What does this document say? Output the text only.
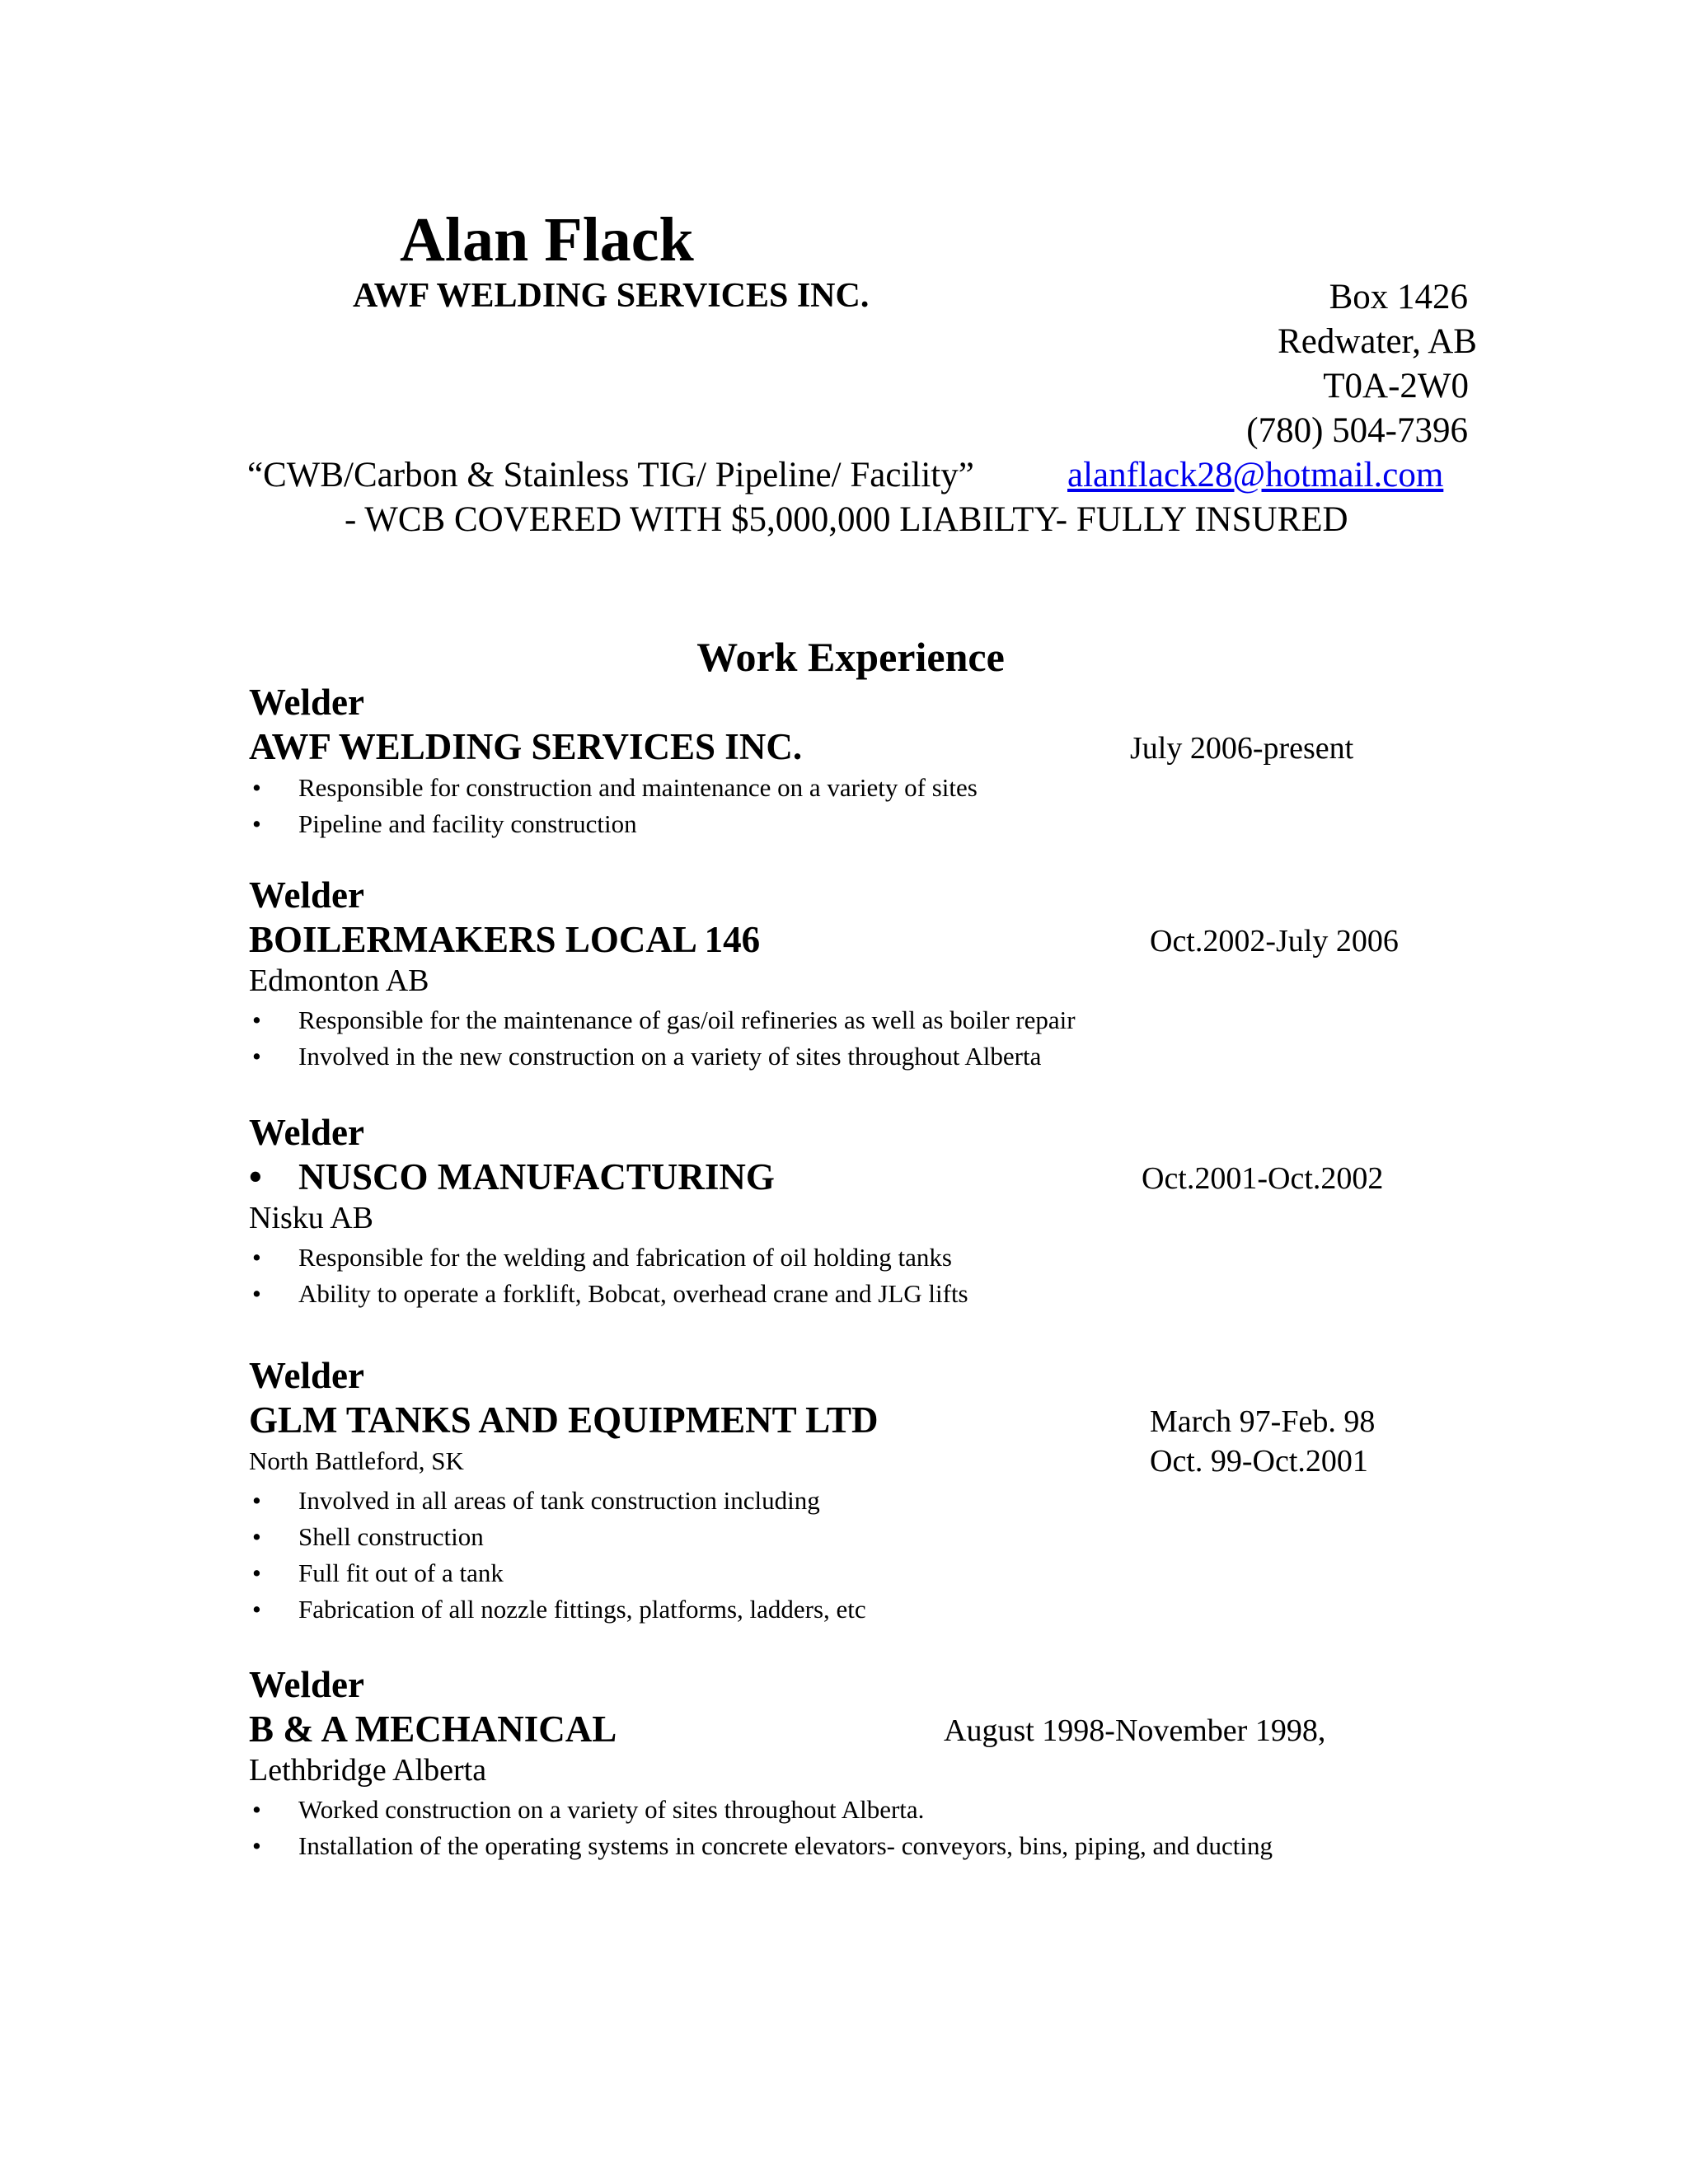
Alan Flack
AWF WELDING SERVICES INC.	Box 1426
Redwater, AB
T0A-2W0
(780) 504-7396
“CWB/Carbon & Stainless TIG/ Pipeline/ Facility”	alanflack28@hotmail.com
- WCB COVERED WITH $5,000,000 LIABILTY- FULLY INSURED
Work Experience
Welder
AWF WELDING SERVICES INC.	July 2006-present
• Responsible for construction and maintenance on a variety of sites
• Pipeline and facility construction
Welder
BOILERMAKERS LOCAL 146	Oct.2002-July 2006
Edmonton AB
• Responsible for the maintenance of gas/oil refineries as well as boiler repair
• Involved in the new construction on a variety of sites throughout Alberta
Welder
• NUSCO MANUFACTURING	Oct.2001-Oct.2002
Nisku AB
• Responsible for the welding and fabrication of oil holding tanks
• Ability to operate a forklift, Bobcat, overhead crane and JLG lifts
Welder
GLM TANKS AND EQUIPMENT LTD	March 97-Feb. 98
North Battleford, SK	Oct. 99-Oct.2001
• Involved in all areas of tank construction including
• Shell construction
• Full fit out of a tank
• Fabrication of all nozzle fittings, platforms, ladders, etc
Welder
B & A MECHANICAL	August 1998-November 1998,
Lethbridge Alberta
• Worked construction on a variety of sites throughout Alberta.
• Installation of the operating systems in concrete elevators- conveyors, bins, piping, and ducting
